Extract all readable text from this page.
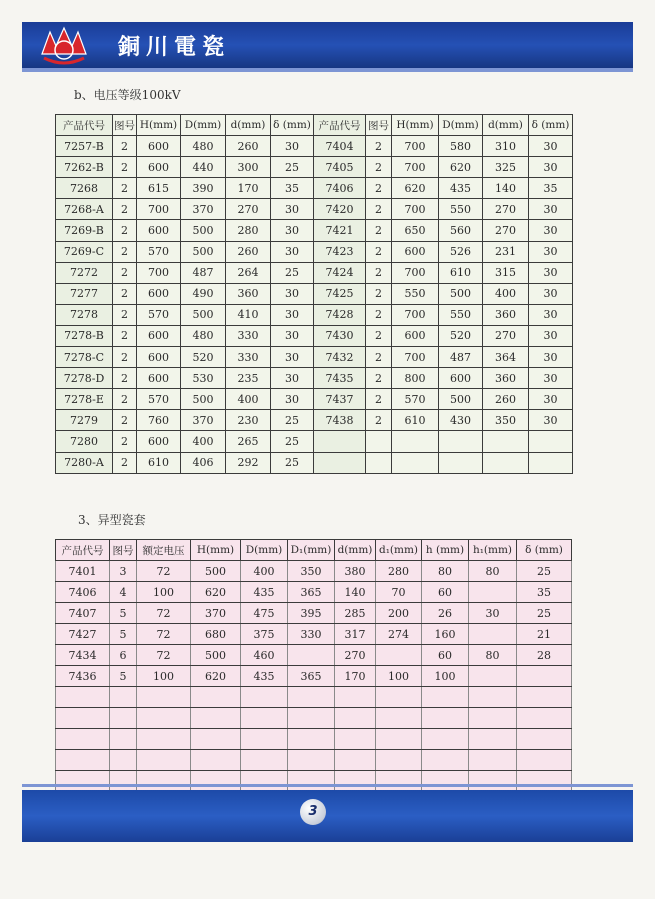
銅川電瓷
b、电压等级100kV
产品代号	图号	H(mm)	D(mm)	d(mm)	δ (mm)	产品代号	图号	H(mm)	D(mm)	d(mm)	δ (mm)
7257-B	2	600	480	260	30	7404	2	700	580	310	30
7262-B	2	600	440	300	25	7405	2	700	620	325	30
7268	2	615	390	170	35	7406	2	620	435	140	35
7268-A	2	700	370	270	30	7420	2	700	550	270	30
7269-B	2	600	500	280	30	7421	2	650	560	270	30
7269-C	2	570	500	260	30	7423	2	600	526	231	30
7272	2	700	487	264	25	7424	2	700	610	315	30
7277	2	600	490	360	30	7425	2	550	500	400	30
7278	2	570	500	410	30	7428	2	700	550	360	30
7278-B	2	600	480	330	30	7430	2	600	520	270	30
7278-C	2	600	520	330	30	7432	2	700	487	364	30
7278-D	2	600	530	235	30	7435	2	800	600	360	30
7278-E	2	570	500	400	30	7437	2	570	500	260	30
7279	2	760	370	230	25	7438	2	610	430	350	30
7280	2	600	400	265	25						
7280-A	2	610	406	292	25						
3、异型瓷套
产品代号	图号	额定电压	H(mm)	D(mm)	D₁(mm)	d(mm)	d₁(mm)	h (mm)	h₁(mm)	δ (mm)
7401	3	72	500	400	350	380	280	80	80	25
7406	4	100	620	435	365	140	70	60		35
7407	5	72	370	475	395	285	200	26	30	25
7427	5	72	680	375	330	317	274	160		21
7434	6	72	500	460		270		60	80	28
7436	5	100	620	435	365	170	100	100		

3
